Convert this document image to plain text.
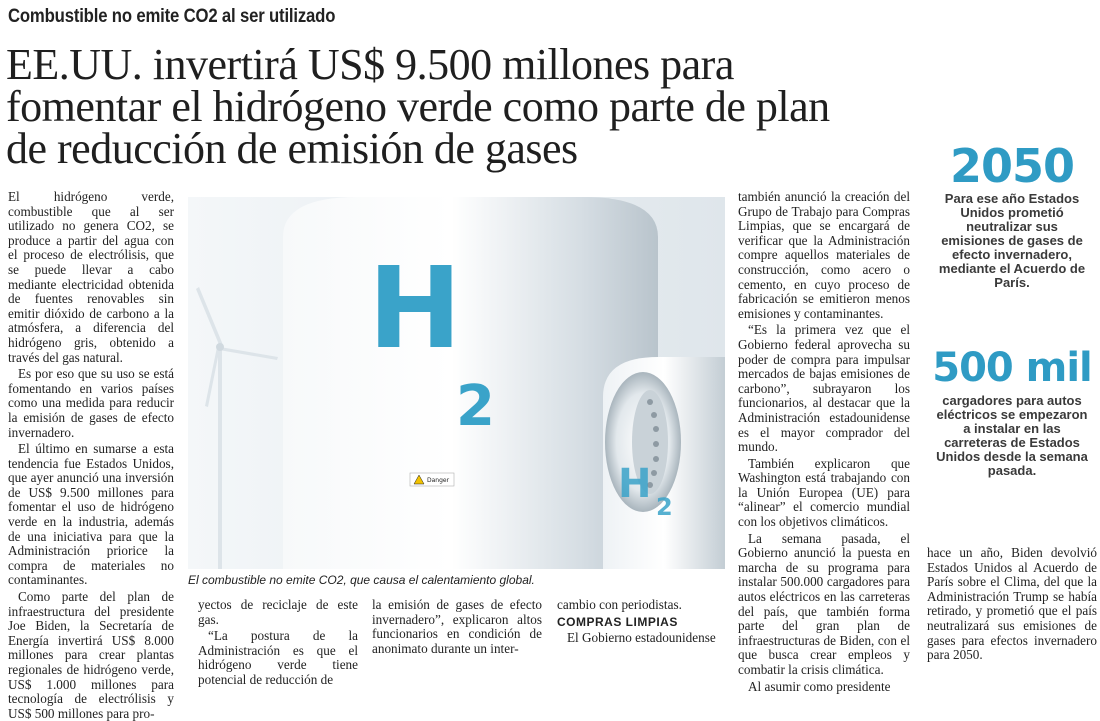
Combustible no emite CO2 al ser utilizado
EE.UU. invertirá US$ 9.500 millones para
fomentar el hidrógeno verde como parte de plan
de reducción de emisión de gases

El hidrógeno verde, combustible que al ser utilizado no genera CO2, se produce a partir del agua con el proceso de electrólisis, que se puede llevar a cabo mediante electricidad obtenida de fuentes renovables sin emitir dióxido de carbono a la atmósfera, a diferencia del hidrógeno gris, obtenido a través del gas natural.

Es por eso que su uso se está fomentando en varios países como una medida para reducir la emisión de gases de efecto invernadero.

El último en sumarse a esta tendencia fue Estados Unidos, que ayer anunció una inversión de US$ 9.500 millones para fomentar el uso de hidrógeno verde en la industria, además de una iniciativa para que la Administración priorice la compra de materiales no contaminantes.

Como parte del plan de infraestructura del presidente Joe Biden, la Secretaría de Energía invertirá US$ 8.000 millones para crear plantas regionales de hidrógeno verde, US$ 1.000 millones para tecnología de electrólisis y US$ 500 millones para pro-

H
2
H 2
Danger
El combustible no emite CO2, que causa el calentamiento global.

yectos de reciclaje de este gas.

“La postura de la Administración es que el hidrógeno verde tiene potencial de reducción de

la emisión de gases de efecto invernadero”, explicaron altos funcionarios en condición de anonimato durante un inter-

cambio con periodistas.

COMPRAS LIMPIAS

El Gobierno estadounidense

también anunció la creación del Grupo de Trabajo para Compras Limpias, que se encargará de verificar que la Administración compre aquellos materiales de construcción, como acero o cemento, en cuyo proceso de fabricación se emitieron menos emisiones y contaminantes.

“Es la primera vez que el Gobierno federal aprovecha su poder de compra para impulsar mercados de bajas emisiones de carbono”, subrayaron los funcionarios, al destacar que la Administración estadounidense es el mayor comprador del mundo.

También explicaron que Washington está trabajando con la Unión Europea (UE) para “alinear” el comercio mundial con los objetivos climáticos.

La semana pasada, el Gobierno anunció la puesta en marcha de su programa para instalar 500.000 cargadores para autos eléctricos en las carreteras del país, que también forma parte del gran plan de infraestructuras de Biden, con el que busca crear empleos y combatir la crisis climática.

Al asumir como presidente

2050
Para ese año Estados Unidos prometió neutralizar sus emisiones de gases de efecto invernadero, mediante el Acuerdo de París.
500 mil
cargadores para autos eléctricos se empezaron a instalar en las carreteras de Estados Unidos desde la semana pasada.

hace un año, Biden devolvió Estados Unidos al Acuerdo de París sobre el Clima, del que la Administración Trump se había retirado, y prometió que el país neutralizará sus emisiones de gases para efectos invernadero para 2050.
